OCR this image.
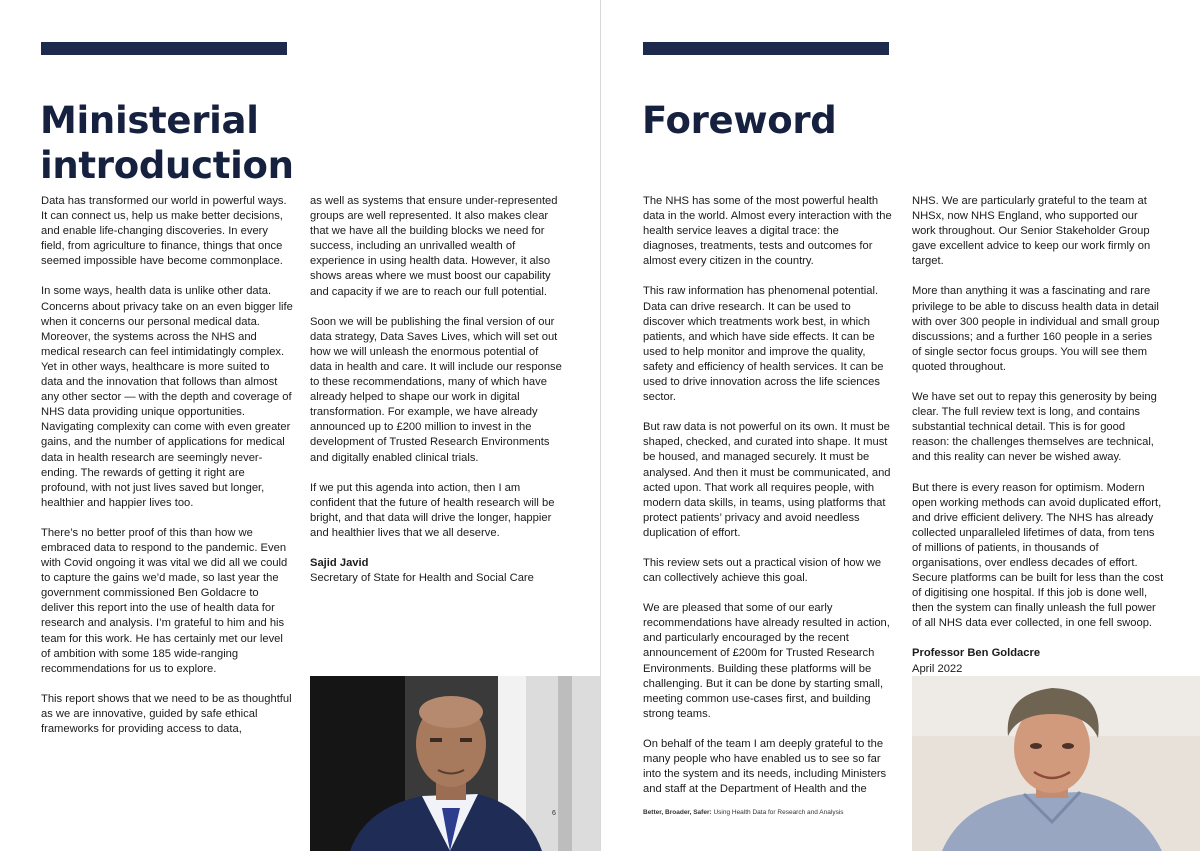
Ministerial
introduction

Data has transformed our world in powerful ways. It can connect us, help us make better decisions, and enable life-changing discoveries. In every field, from agriculture to finance, things that once seemed impossible have become commonplace.

In some ways, health data is unlike other data. Concerns about privacy take on an even bigger life when it concerns our personal medical data. Moreover, the systems across the NHS and medical research can feel intimidatingly complex. Yet in other ways, healthcare is more suited to data and the innovation that follows than almost any other sector — with the depth and coverage of NHS data providing unique opportunities. Navigating complexity can come with even greater gains, and the number of applications for medical data in health research are seemingly never-ending. The rewards of getting it right are profound, with not just lives saved but longer, healthier and happier lives too.

There’s no better proof of this than how we embraced data to respond to the pandemic. Even with Covid ongoing it was vital we did all we could to capture the gains we’d made, so last year the government commissioned Ben Goldacre to deliver this report into the use of health data for research and analysis. I’m grateful to him and his team for this work. He has certainly met our level of ambition with some 185 wide-ranging recommendations for us to explore.

This report shows that we need to be as thoughtful as we are innovative, guided by safe ethical frameworks for providing access to data,

as well as systems that ensure under-represented groups are well represented. It also makes clear that we have all the building blocks we need for success, including an unrivalled wealth of experience in using health data. However, it also shows areas where we must boost our capability and capacity if we are to reach our full potential.

Soon we will be publishing the final version of our data strategy, Data Saves Lives, which will set out how we will unleash the enormous potential of data in health and care. It will include our response to these recommendations, many of which have already helped to shape our work in digital transformation. For example, we have already announced up to £200 million to invest in the development of Trusted Research Environments and digitally enabled clinical trials.

If we put this agenda into action, then I am confident that the future of health research will be bright, and that data will drive the longer, happier and healthier lives that we all deserve.

Sajid Javid
Secretary of State for Health and Social Care
6
Foreword

The NHS has some of the most powerful health data in the world. Almost every interaction with the health service leaves a digital trace: the diagnoses, treatments, tests and outcomes for almost every citizen in the country.

This raw information has phenomenal potential. Data can drive research. It can be used to discover which treatments work best, in which patients, and which have side effects. It can be used to help monitor and improve the quality, safety and efficiency of health services. It can be used to drive innovation across the life sciences sector.

But raw data is not powerful on its own. It must be shaped, checked, and curated into shape. It must be housed, and managed securely. It must be analysed. And then it must be communicated, and acted upon. That work all requires people, with modern data skills, in teams, using platforms that protect patients’ privacy and avoid needless duplication of effort.

This review sets out a practical vision of how we can collectively achieve this goal.

We are pleased that some of our early recommendations have already resulted in action, and particularly encouraged by the recent announcement of £200m for Trusted Research Environments. Building these platforms will be challenging. But it can be done by starting small, meeting common use-cases first, and building strong teams.

On behalf of the team I am deeply grateful to the many people who have enabled us to see so far into the system and its needs, including Ministers and staff at the Department of Health and the

NHS. We are particularly grateful to the team at NHSx, now NHS England, who supported our work throughout. Our Senior Stakeholder Group gave excellent advice to keep our work firmly on target.

More than anything it was a fascinating and rare privilege to be able to discuss health data in detail with over 300 people in individual and small group discussions; and a further 160 people in a series of single sector focus groups. You will see them quoted throughout.

We have set out to repay this generosity by being clear. The full review text is long, and contains substantial technical detail. This is for good reason: the challenges themselves are technical, and this reality can never be wished away.

But there is every reason for optimism. Modern open working methods can avoid duplicated effort, and drive efficient delivery. The NHS has already collected unparalleled lifetimes of data, from tens of millions of patients, in thousands of organisations, over endless decades of effort. Secure platforms can be built for less than the cost of digitising one hospital. If this job is done well, then the system can finally unleash the full power of all NHS data ever collected, in one fell swoop.

Professor Ben Goldacre
April 2022
Better, Broader, Safer: Using Health Data for Research and Analysis
